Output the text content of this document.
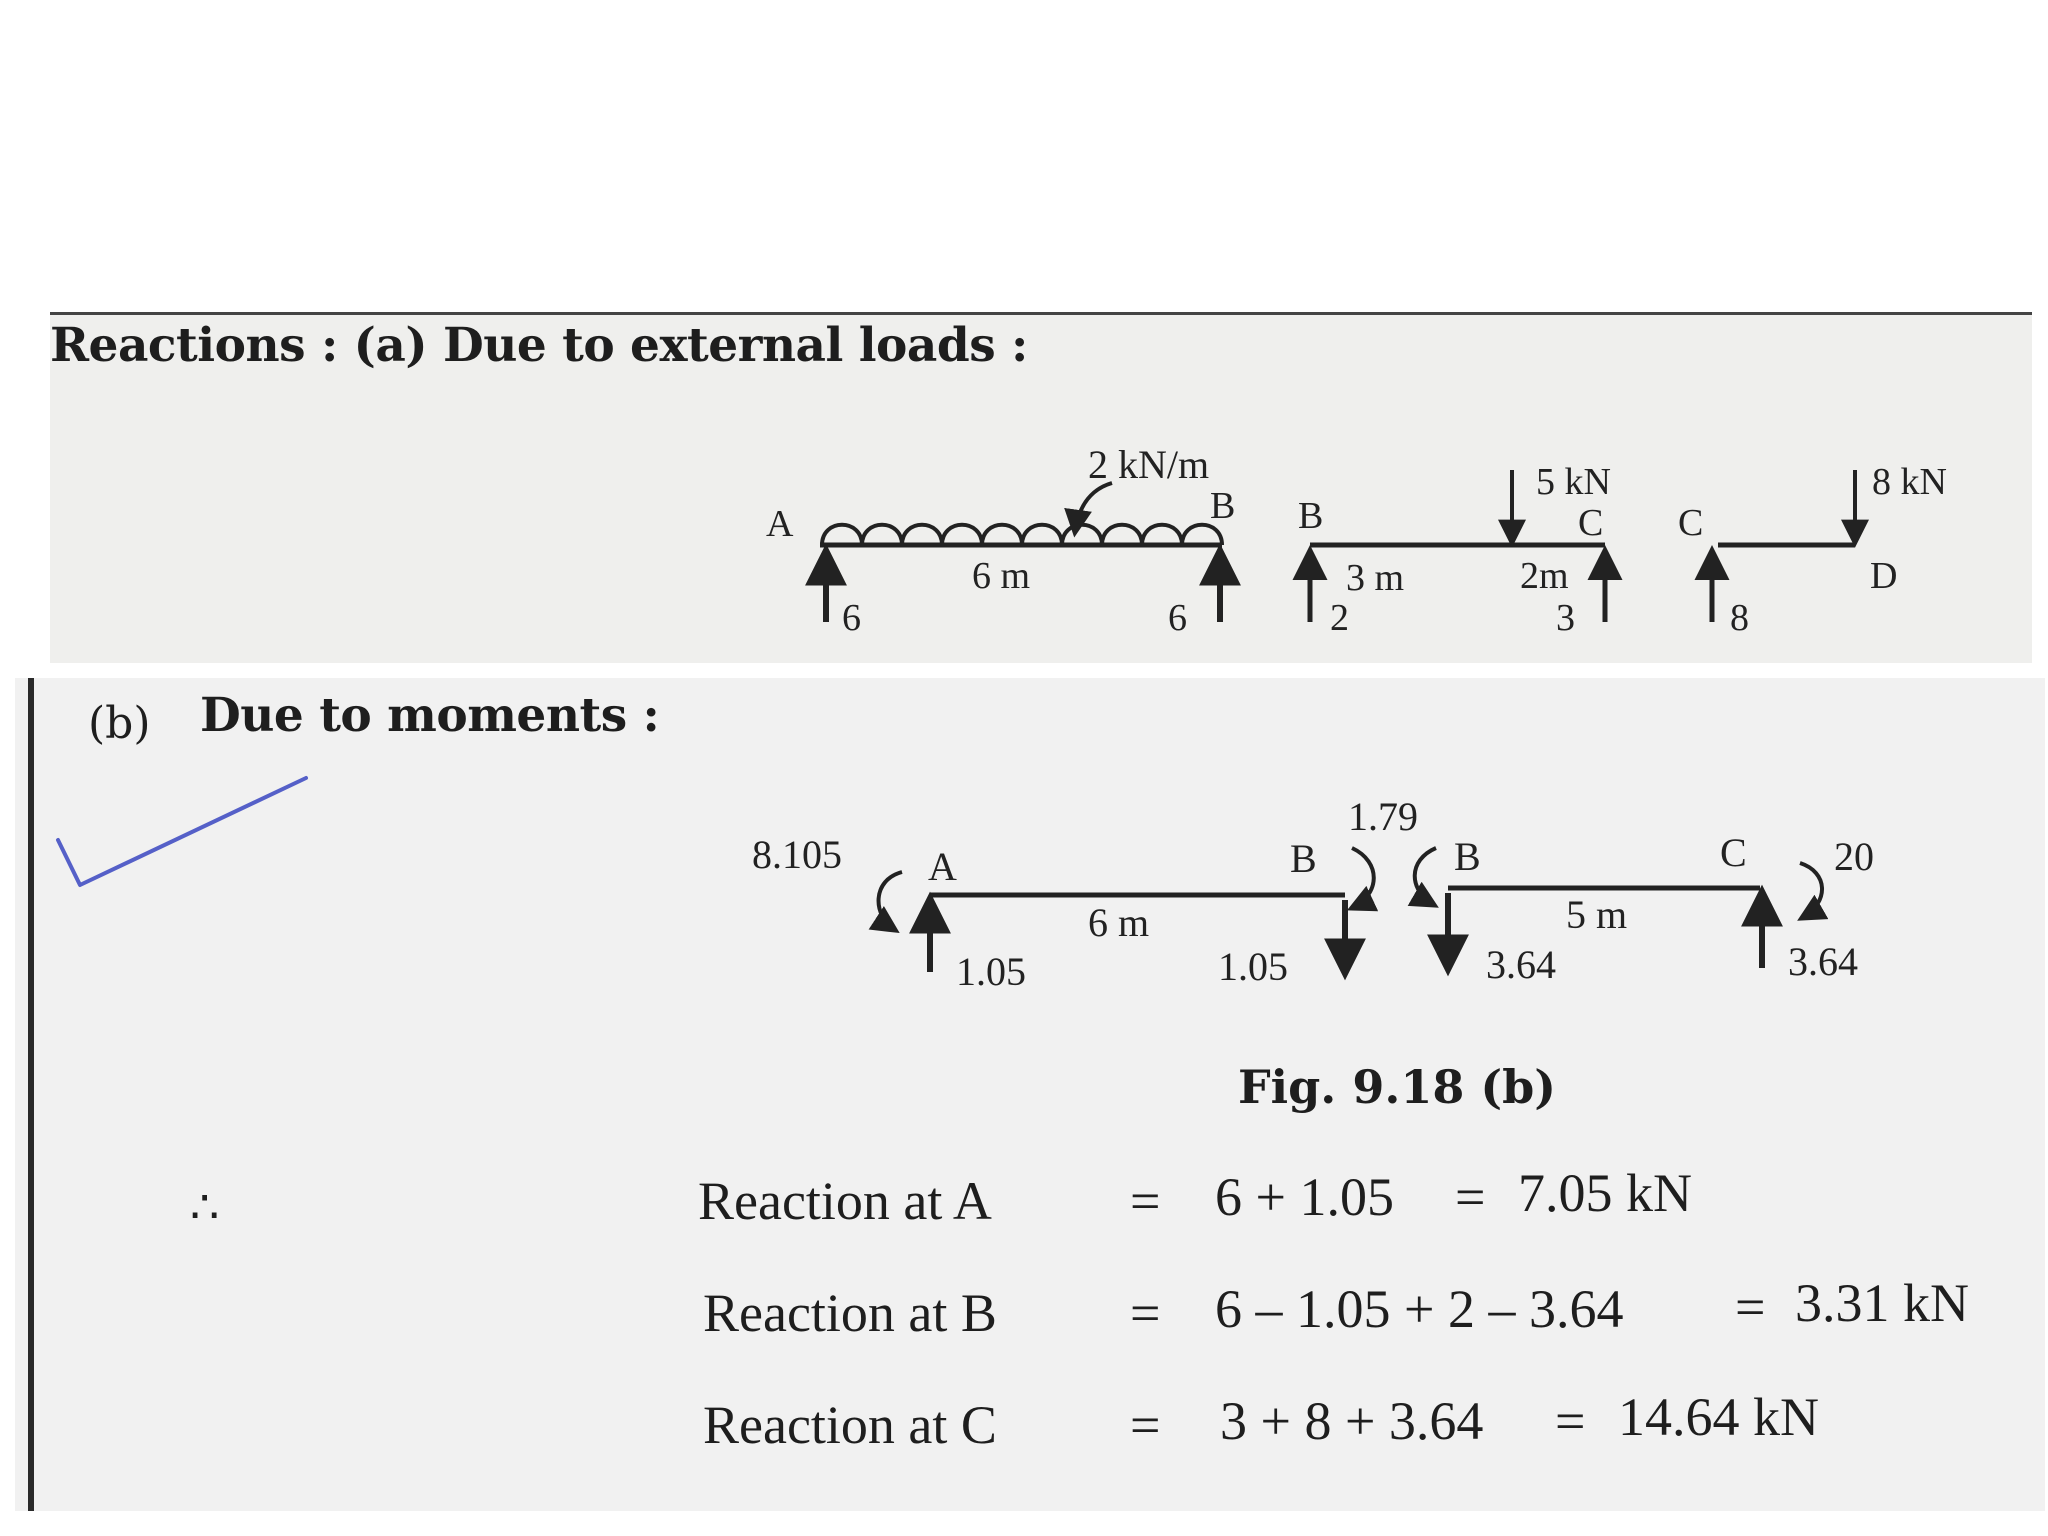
Reactions : (a) Due to external loads :
(b) Due to moments :
2 kN/m
A	B
6 m
6	6
B	C
5 kN
3 m	2m
2	3
C
D
8 kN
8
8.105 A	B
6 m
1.05	1.05
1.79
B	C
5 m
20
3.64	3.64
Fig. 9.18 (b)
∴	Reaction at A	= 6 + 1.05 = 7.05 kN
Reaction at B = 6 – 1.05 + 2 – 3.64 = 3.31 kN
Reaction at C = 3 + 8 + 3.64 = 14.64 kN
